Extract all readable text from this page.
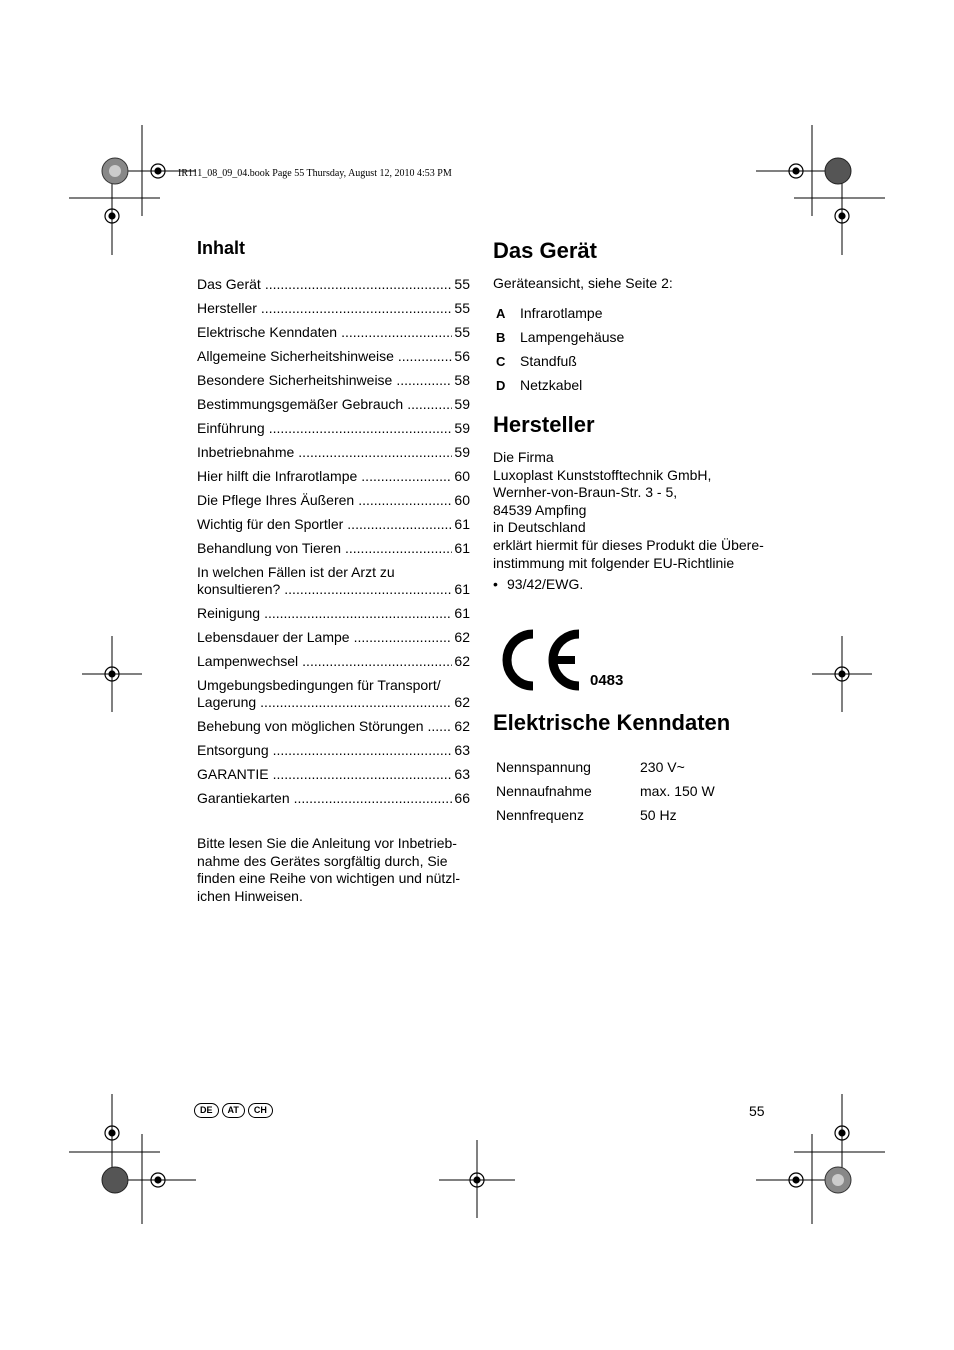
IR111_08_09_04.book Page 55 Thursday, August 12, 2010 4:53 PM
Inhalt
Das Gerät .....	55
Hersteller .....	55
Elektrische Kenndaten .....	55
Allgemeine Sicherheitshinweise .....	56
Besondere Sicherheitshinweise .....	58
Bestimmungsgemäßer Gebrauch .....	59
Einführung .....	59
Inbetriebnahme .....	59
Hier hilft die Infrarotlampe .....	60
Die Pflege Ihres Äußeren .....	60
Wichtig für den Sportler .....	61
Behandlung von Tieren .....	61
In welchen Fällen ist der Arzt zu
konsultieren? .....	61
Reinigung .....	61
Lebensdauer der Lampe .....	62
Lampenwechsel .....	62
Umgebungsbedingungen für Transport/
Lagerung .....	62
Behebung von möglichen Störungen ..... 62
Entsorgung .....	63
GARANTIE .....	63
Garantiekarten .....	66
Bitte lesen Sie die Anleitung vor Inbetrieb-
nahme des Gerätes sorgfältig durch, Sie
finden eine Reihe von wichtigen und nützl-
ichen Hinweisen.
Das Gerät
Geräteansicht, siehe Seite 2:
A	Infrarotlampe
B	Lampengehäuse
C	Standfuß
D	Netzkabel
Hersteller
Die Firma
Luxoplast Kunststofftechnik GmbH,
Wernher-von-Braun-Str. 3 - 5,
84539 Ampfing
in Deutschland
erklärt hiermit für dieses Produkt die Übere-
instimmung mit folgender EU-Richtlinie
• 93/42/EWG.
0483
Elektrische Kenndaten
Nennspannung	230 V~
Nennaufnahme	max. 150 W
Nennfrequenz	50 Hz
DE	AT	CH	55
